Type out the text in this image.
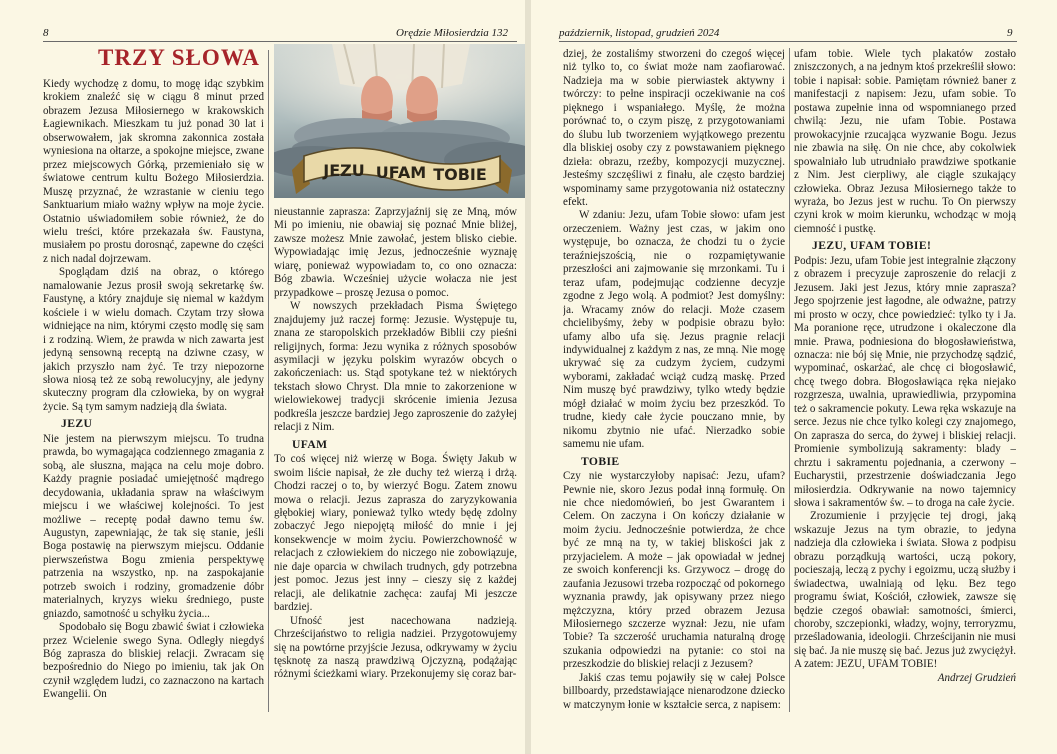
8	Orędzie Miłosierdzia 132
TRZY SŁOWA
JEZU UFAM TOBIE

Kiedy wychodzę z domu, to mogę idąc szybkim krokiem znaleźć się w ciągu 8 minut przed obrazem Jezusa Miłosiernego w krakowskich Łagiewnikach. Mieszkam tu już ponad 30 lat i obserwowałem, jak skromna zakonnica została wyniesiona na ołtarze, a spokojne miejsce, zwane przez miejscowych Górką, przemieniało się w światowe centrum kultu Bożego Miłosierdzia. Muszę przyznać, że wzrastanie w cieniu tego Sanktuarium miało ważny wpływ na moje życie. Ostatnio uświadomiłem sobie również, że do wielu treści, które przekazała św. Faustyna, musiałem po prostu dorosnąć, zapewne do części z nich nadal dojrzewam.

Spoglądam dziś na obraz, o którego namalowanie Jezus prosił swoją sekretarkę św. Faustynę, a który znajduje się niemal w każdym kościele i w wielu domach. Czytam trzy słowa widniejące na nim, którymi często modlę się sam i z rodziną. Wiem, że prawda w nich zawarta jest jedyną sensowną receptą na dziwne czasy, w jakich przyszło nam żyć. Te trzy niepozorne słowa niosą też ze sobą rewolucyjny, ale jedyny skuteczny program dla człowieka, by on wygrał życie. Są tym samym nadzieją dla świata.

JEZU

Nie jestem na pierwszym miejscu. To trudna prawda, bo wymagająca codziennego zmagania z sobą, ale słuszna, mająca na celu moje dobro. Każdy pragnie posiadać umiejętność mądrego decydowania, układania spraw na właściwym miejscu i we właściwej kolejności. To jest możliwe – receptę podał dawno temu św. Augustyn, zapewniając, że tak się stanie, jeśli Boga postawię na pierwszym miejscu. Oddanie pierwszeństwa Bogu zmienia perspektywę patrzenia na wszystko, np. na zaspokajanie potrzeb swoich i rodziny, gromadzenie dóbr materialnych, kryzys wieku średniego, puste gniazdo, samotność u schyłku życia...

Spodobało się Bogu zbawić świat i człowieka przez Wcielenie swego Syna. Odległy niegdyś Bóg zaprasza do bliskiej relacji. Zwracam się bezpośrednio do Niego po imieniu, tak jak On czynił względem ludzi, co zaznaczono na kartach Ewangelii. On

nieustannie zaprasza: Zaprzyjaźnij się ze Mną, mów Mi po imieniu, nie obawiaj się poznać Mnie bliżej, zawsze możesz Mnie zawołać, jestem blisko ciebie. Wypowiadając imię Jezus, jednocześnie wyznaję wiarę, ponieważ wypowiadam to, co ono oznacza: Bóg zbawia. Wcześniej użycie wołacza nie jest przypadkowe – proszę Jezusa o pomoc.

W nowszych przekładach Pisma Świętego znajdujemy już raczej formę: Jezusie. Występuje tu, znana ze staropolskich przekładów Biblii czy pieśni religijnych, forma: Jezu wynika z różnych sposobów asymilacji w języku polskim wyrazów obcych o zakończeniach: us. Stąd spotykane też w niektórych tekstach słowo Chryst. Dla mnie to zakorzenione w wielowiekowej tradycji skrócenie imienia Jezusa podkreśla jeszcze bardziej Jego zaproszenie do zażyłej relacji z Nim.

UFAM

To coś więcej niż wierzę w Boga. Święty Jakub w swoim liście napisał, że złe duchy też wierzą i drżą. Chodzi raczej o to, by wierzyć Bogu. Zatem znowu mowa o relacji. Jezus zaprasza do zaryzykowania głębokiej wiary, ponieważ tylko wtedy będę zdolny zobaczyć Jego niepojętą miłość do mnie i jej konsekwencje w moim życiu. Powierzchowność w relacjach z człowiekiem do niczego nie zobowiązuje, nie daje oparcia w chwilach trudnych, gdy potrzebna jest pomoc. Jezus jest inny – cieszy się z każdej relacji, ale delikatnie zachęca: zaufaj Mi jeszcze bardziej.

Ufność jest nacechowana nadzieją. Chrześcijaństwo to religia nadziei. Przygotowujemy się na powtórne przyjście Jezusa, odkrywamy w życiu tęsknotę za naszą prawdziwą Ojczyzną, podążając różnymi ścieżkami wiary. Przekonujemy się coraz bar-

październik, listopad, grudzień 2024	9

dziej, że zostaliśmy stworzeni do czegoś więcej niż tylko to, co świat może nam zaofiarować. Nadzieja ma w sobie pierwiastek aktywny i twórczy: to pełne inspiracji oczekiwanie na coś pięknego i wspaniałego. Myślę, że można porównać to, o czym piszę, z przygotowaniami do ślubu lub tworzeniem wyjątkowego prezentu dla bliskiej osoby czy z powstawaniem pięknego dzieła: obrazu, rzeźby, kompozycji muzycznej. Jesteśmy szczęśliwi z finału, ale często bardziej wspominamy same przygotowania niż ostateczny efekt.

W zdaniu: Jezu, ufam Tobie słowo: ufam jest orzeczeniem. Ważny jest czas, w jakim ono występuje, bo oznacza, że chodzi tu o życie teraźniejszością, nie o rozpamiętywanie przeszłości ani zajmowanie się mrzonkami. Tu i teraz ufam, podejmując codzienne decyzje zgodne z Jego wolą. A podmiot? Jest domyślny: ja. Wracamy znów do relacji. Może czasem chcielibyśmy, żeby w podpisie obrazu było: ufamy albo ufa się. Jezus pragnie relacji indywidualnej z każdym z nas, ze mną. Nie mogę ukrywać się za cudzym życiem, cudzymi wyborami, zakładać wciąż cudzą maskę. Przed Nim muszę być prawdziwy, tylko wtedy będzie mógł działać w moim życiu bez przeszkód. To trudne, kiedy całe życie pouczano mnie, by nikomu zbytnio nie ufać. Nierzadko sobie samemu nie ufam.

TOBIE

Czy nie wystarczyłoby napisać: Jezu, ufam? Pewnie nie, skoro Jezus podał inną formułę. On nie chce niedomówień, bo jest Gwarantem i Celem. On zaczyna i On kończy działanie w moim życiu. Jednocześnie potwierdza, że chce być ze mną na ty, w takiej bliskości jak z przyjacielem. A może – jak opowiadał w jednej ze swoich konferencji ks. Grzywocz – drogę do zaufania Jezusowi trzeba rozpocząć od pokornego wyznania prawdy, jak opisywany przez niego mężczyzna, który przed obrazem Jezusa Miłosiernego szczerze wyznał: Jezu, nie ufam Tobie? Ta szczerość uruchamia naturalną drogę szukania odpowiedzi na pytanie: co stoi na przeszkodzie do bliskiej relacji z Jezusem?

Jakiś czas temu pojawiły się w całej Polsce billboardy, przedstawiające nienarodzone dziecko w matczynym łonie w kształcie serca, z napisem:

ufam tobie. Wiele tych plakatów zostało zniszczonych, a na jednym ktoś przekreślił słowo: tobie i napisał: sobie. Pamiętam również baner z manifestacji z napisem: Jezu, ufam sobie. To postawa zupełnie inna od wspomnianego przed chwilą: Jezu, nie ufam Tobie. Postawa prowokacyjnie rzucająca wyzwanie Bogu. Jezus nie zbawia na siłę. On nie chce, aby cokolwiek spowalniało lub utrudniało prawdziwe spotkanie z Nim. Jest cierpliwy, ale ciągle szukający człowieka. Obraz Jezusa Miłosiernego także to wyraża, bo Jezus jest w ruchu. To On pierwszy czyni krok w moim kierunku, wchodząc w moją ciemność i pustkę.

JEZU, UFAM TOBIE!

Podpis: Jezu, ufam Tobie jest integralnie złączony z obrazem i precyzuje zaproszenie do relacji z Jezusem. Jaki jest Jezus, który mnie zaprasza? Jego spojrzenie jest łagodne, ale odważne, patrzy mi prosto w oczy, chce powiedzieć: tylko ty i Ja. Ma poranione ręce, utrudzone i okaleczone dla mnie. Prawa, podniesiona do błogosławieństwa, oznacza: nie bój się Mnie, nie przychodzę sądzić, wypominać, oskarżać, ale chcę ci błogosławić, chcę twego dobra. Błogosławiąca ręka niejako rozgrzesza, uwalnia, uprawiedliwia, przypomina też o sakramencie pokuty. Lewa ręka wskazuje na serce. Jezus nie chce tylko kolegi czy znajomego, On zaprasza do serca, do żywej i bliskiej relacji. Promienie symbolizują sakramenty: blady – chrztu i sakramentu pojednania, a czerwony – Eucharystii, przestrzenie doświadczania Jego miłosierdzia. Odkrywanie na nowo tajemnicy słowa i sakramentów św. – to droga na całe życie.

Zrozumienie i przyjęcie tej drogi, jaką wskazuje Jezus na tym obrazie, to jedyna nadzieja dla człowieka i świata. Słowa z podpisu obrazu porządkują wartości, uczą pokory, pocieszają, leczą z pychy i egoizmu, uczą służby i świadectwa, uwalniają od lęku. Bez tego programu świat, Kościół, człowiek, zawsze się będzie czegoś obawiał: samotności, śmierci, choroby, szczepionki, władzy, wojny, terroryzmu, prześladowania, ideologii. Chrześcijanin nie musi się bać. Ja nie muszę się bać. Jezus już zwyciężył. A zatem: JEZU, UFAM TOBIE!

Andrzej Grudzień
